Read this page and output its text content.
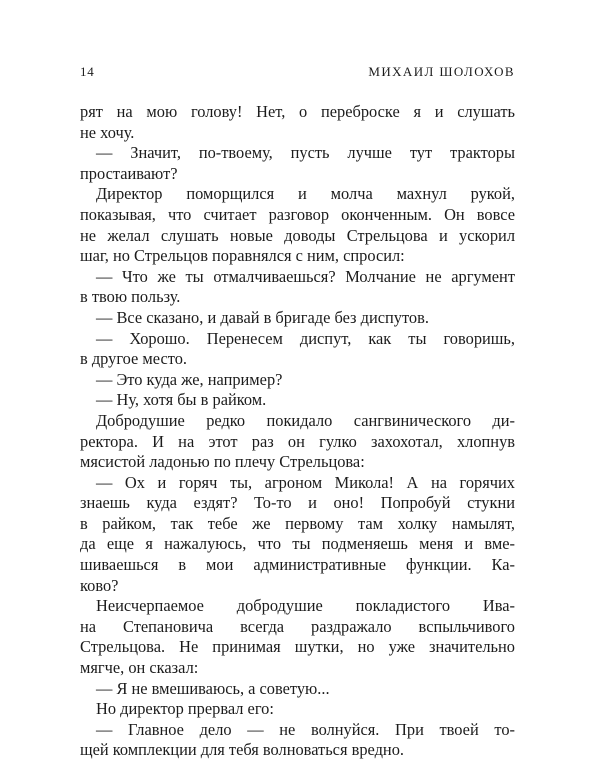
14	МИХАИЛ ШОЛОХОВ
рят на мою голову! Нет, о переброске я и слушать
не хочу.
— Значит, по-твоему, пусть лучше тут тракторы
простаивают?
Директор поморщился и молча махнул рукой,
показывая, что считает разговор оконченным. Он вовсе
не желал слушать новые доводы Стрельцова и ускорил
шаг, но Стрельцов поравнялся с ним, спросил:
— Что же ты отмалчиваешься? Молчание не аргумент
в твою пользу.
— Все сказано, и давай в бригаде без диспутов.
— Хорошо. Перенесем диспут, как ты говоришь,
в другое место.
— Это куда же, например?
— Ну, хотя бы в райком.
Добродушие редко покидало сангвинического ди-
ректора. И на этот раз он гулко захохотал, хлопнув
мясистой ладонью по плечу Стрельцова:
— Ох и горяч ты, агроном Микола! А на горячих
знаешь куда ездят? То-то и оно! Попробуй стукни
в райком, так тебе же первому там холку намылят,
да еще я нажалуюсь, что ты подменяешь меня и вме-
шиваешься в мои административные функции. Ка-
ково?
Неисчерпаемое добродушие покладистого Ива-
на Степановича всегда раздражало вспыльчивого
Стрельцова. Не принимая шутки, но уже значительно
мягче, он сказал:
— Я не вмешиваюсь, а советую...
Но директор прервал его:
— Главное дело — не волнуйся. При твоей то-
щей комплекции для тебя волноваться вредно.
